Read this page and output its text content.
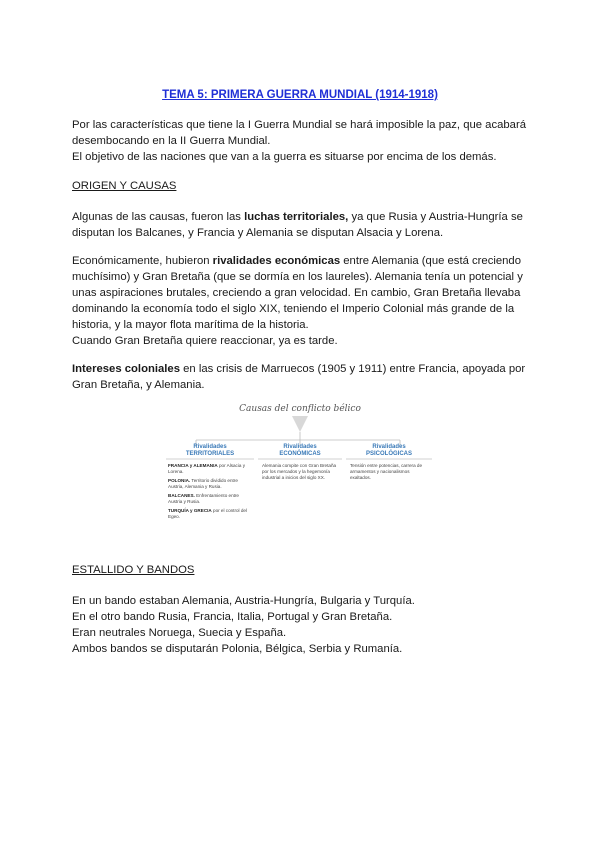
TEMA 5: PRIMERA GUERRA MUNDIAL (1914-1918)
Por las características que tiene la I Guerra Mundial se hará imposible la paz, que acabará
desembocando en la II Guerra Mundial.
El objetivo de las naciones que van a la guerra es situarse por encima de los demás.
ORIGEN Y CAUSAS
Algunas de las causas, fueron las luchas territoriales, ya que Rusia y Austria-Hungría se
disputan los Balcanes, y Francia y Alemania se disputan Alsacia y Lorena.
Económicamente, hubieron rivalidades económicas entre Alemania (que está creciendo
muchísimo) y Gran Bretaña (que se dormía en los laureles). Alemania tenía un potencial y
unas aspiraciones brutales, creciendo a gran velocidad. En cambio, Gran Bretaña llevaba
dominando la economía todo el siglo XIX, teniendo el Imperio Colonial más grande de la
historia, y la mayor flota marítima de la historia.
Cuando Gran Bretaña quiere reaccionar, ya es tarde.
Intereses coloniales en las crisis de Marruecos (1905 y 1911) entre Francia, apoyada por
Gran Bretaña, y Alemania.
Causas del conflicto bélico
Rivalidades
TERRITORIALES
Rivalidades
ECONÓMICAS
Rivalidades
PSICOLÓGICAS
FRANCIA y ALEMANIA por Alsacia y Lorena.
POLONIA. Territorio dividido entre Austria, Alemania y Rusia.
BALCANES. Enfrentamiento entre Austria y Rusia.
TURQUÍA y GRECIA por el control del Egeo.
Alemania compite con Gran Bretaña por los mercados y la hegemonía industrial a inicios del siglo XX.
Tensión entre potencias, carrera de armamentos y nacionalismos exaltados.
ESTALLIDO Y BANDOS
En un bando estaban Alemania, Austria-Hungría, Bulgaria y Turquía.
En el otro bando Rusia, Francia, Italia, Portugal y Gran Bretaña.
Eran neutrales Noruega, Suecia y España.
Ambos bandos se disputarán Polonia, Bélgica, Serbia y Rumanía.
